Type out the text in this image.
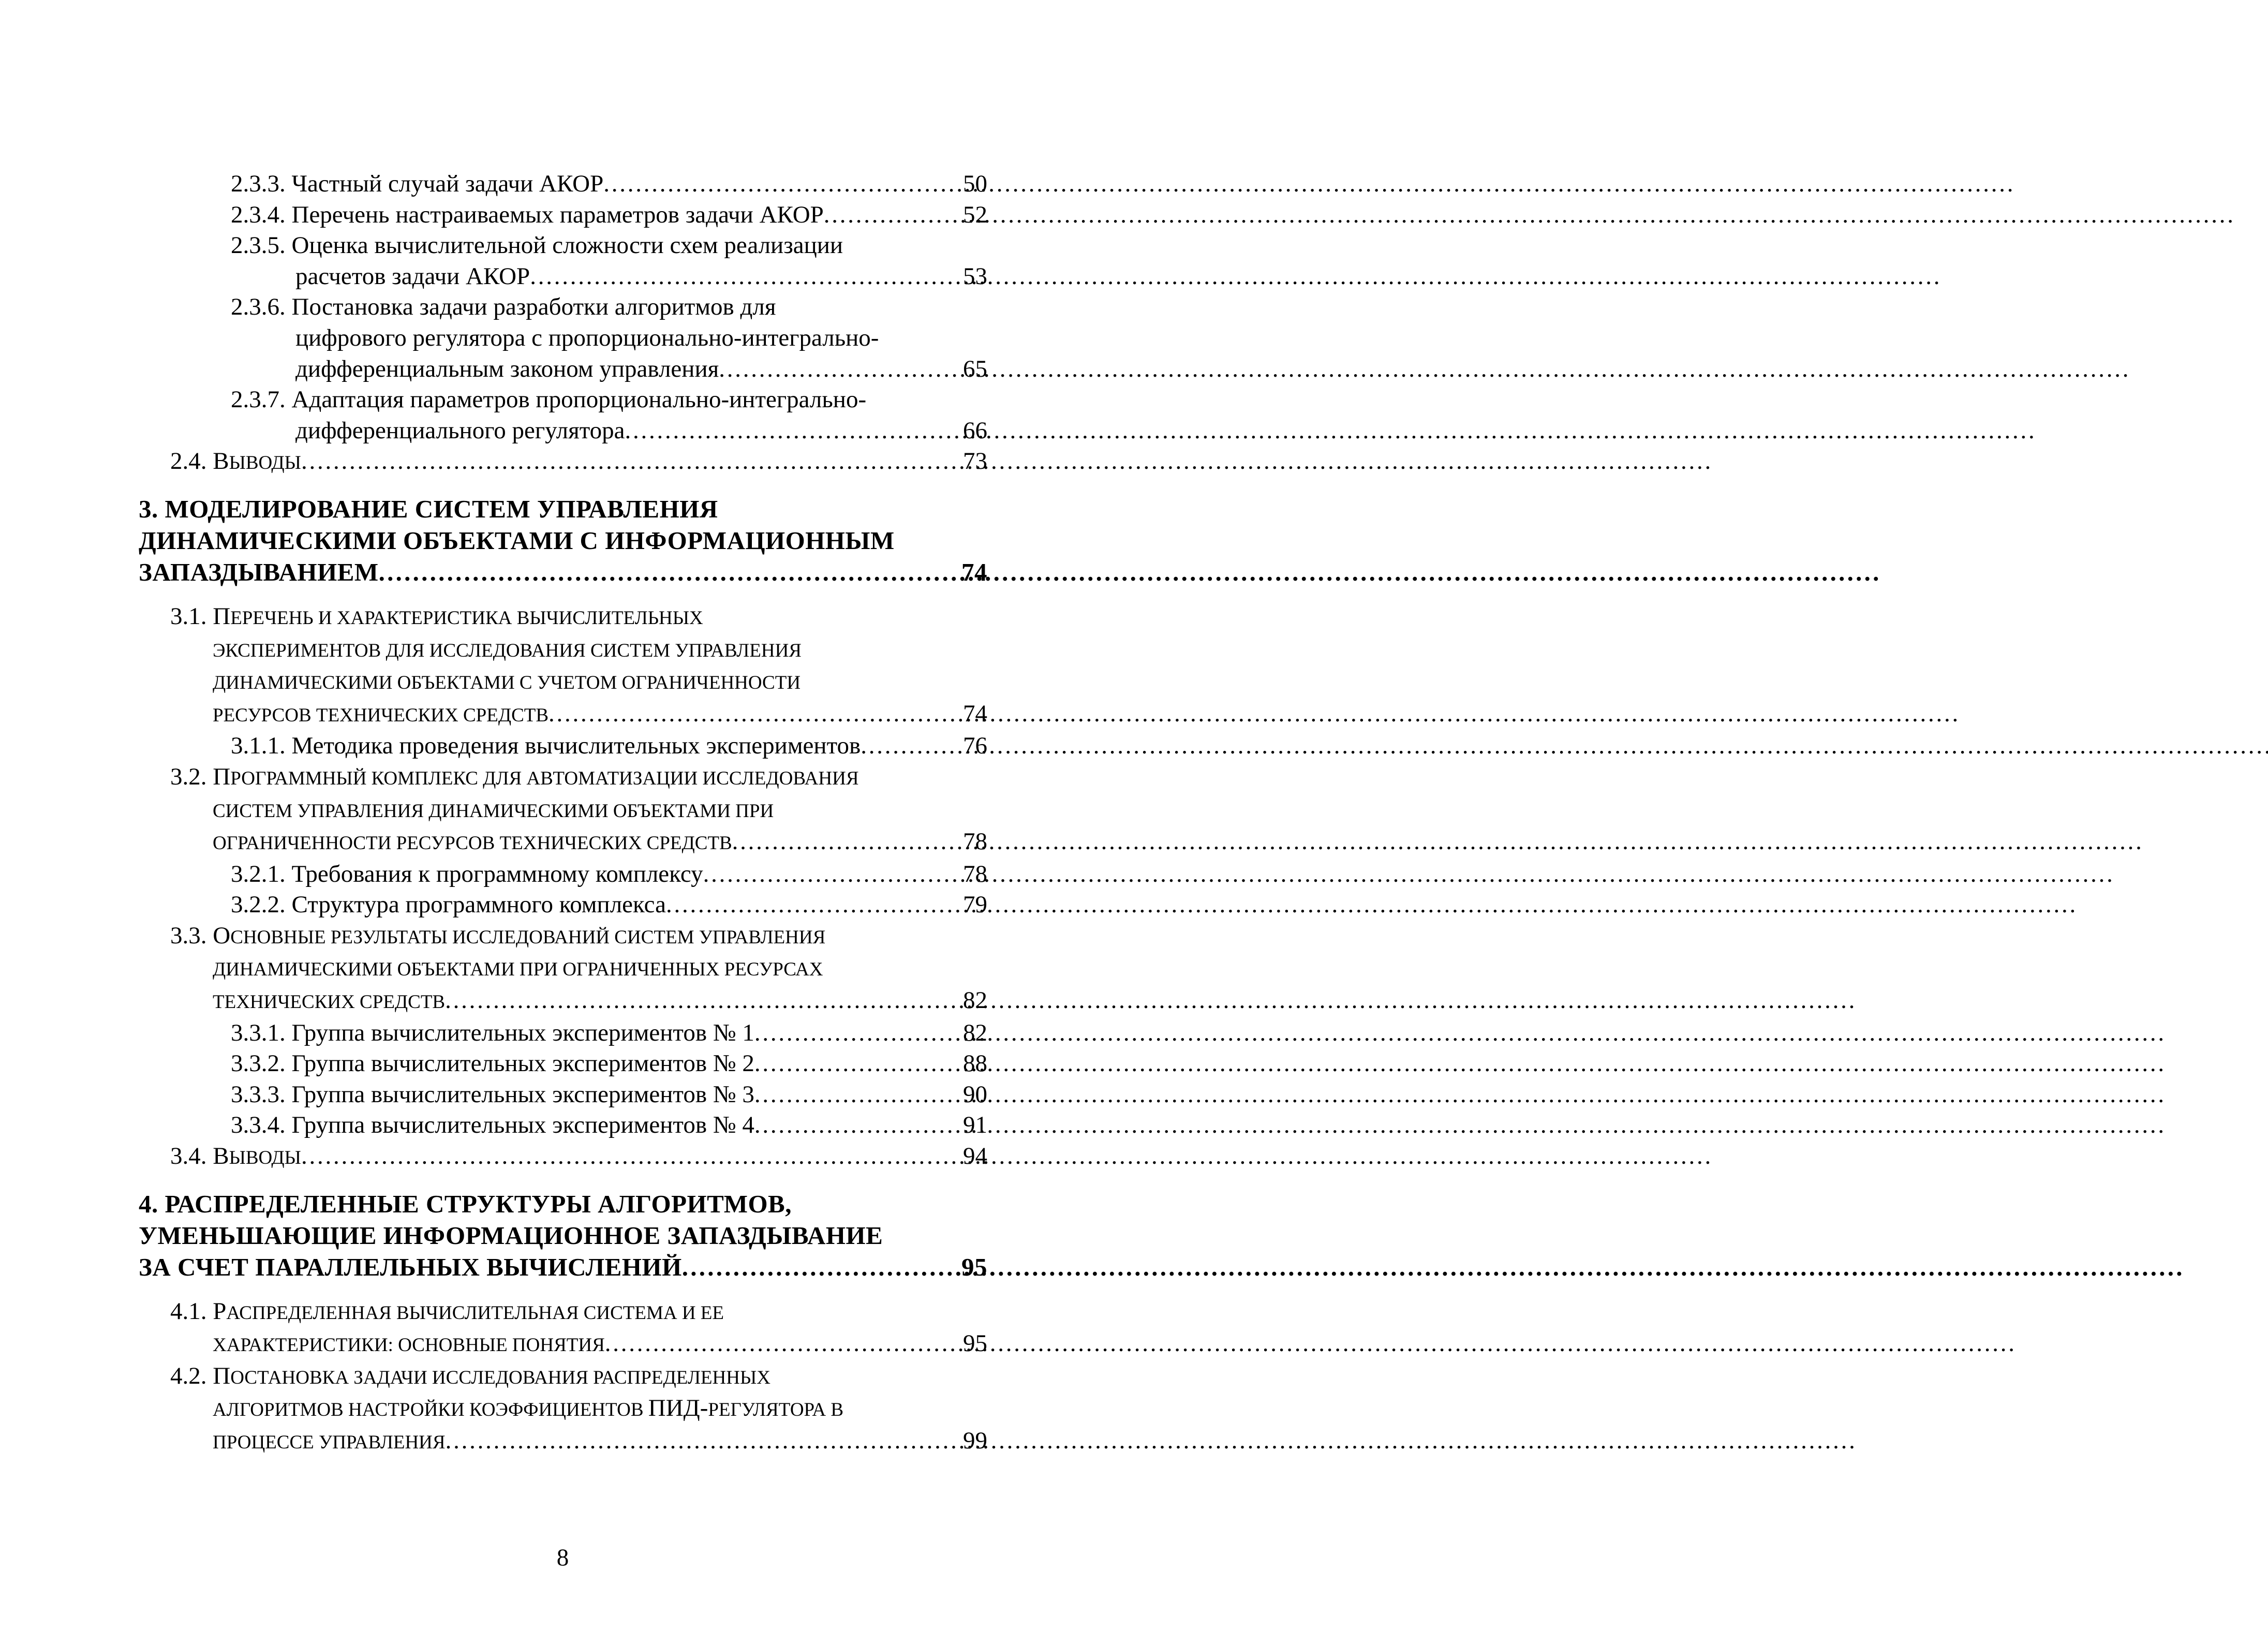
2.3.3. Частный случай задачи АКОР . . .	50
2.3.4. Перечень настраиваемых параметров задачи АКОР . . .	52
2.3.5. Оценка вычислительной сложности схем реализации
расчетов задачи АКОР . . .	53
2.3.6. Постановка задачи разработки алгоритмов для
цифрового регулятора с пропорционально-интегрально-
дифференциальным законом управления . . .	65
2.3.7. Адаптация параметров пропорционально-интегрально-
дифференциального регулятора . . .	66
2.4. ВЫВОДЫ . . .	73
3. МОДЕЛИРОВАНИЕ СИСТЕМ УПРАВЛЕНИЯ
ДИНАМИЧЕСКИМИ ОБЪЕКТАМИ С ИНФОРМАЦИОННЫМ
ЗАПАЗДЫВАНИЕМ . . .	74
3.1. ПЕРЕЧЕНЬ И ХАРАКТЕРИСТИКА ВЫЧИСЛИТЕЛЬНЫХ
ЭКСПЕРИМЕНТОВ ДЛЯ ИССЛЕДОВАНИЯ СИСТЕМ УПРАВЛЕНИЯ
ДИНАМИЧЕСКИМИ ОБЪЕКТАМИ С УЧЕТОМ ОГРАНИЧЕННОСТИ
РЕСУРСОВ ТЕХНИЧЕСКИХ СРЕДСТВ . . .	74
3.1.1. Методика проведения вычислительных экспериментов . . .	76
3.2. ПРОГРАММНЫЙ КОМПЛЕКС ДЛЯ АВТОМАТИЗАЦИИ ИССЛЕДОВАНИЯ
СИСТЕМ УПРАВЛЕНИЯ ДИНАМИЧЕСКИМИ ОБЪЕКТАМИ ПРИ
ОГРАНИЧЕННОСТИ РЕСУРСОВ ТЕХНИЧЕСКИХ СРЕДСТВ . . .	78
3.2.1. Требования к программному комплексу . . .	78
3.2.2. Структура программного комплекса . . .	79
3.3. ОСНОВНЫЕ РЕЗУЛЬТАТЫ ИССЛЕДОВАНИЙ СИСТЕМ УПРАВЛЕНИЯ
ДИНАМИЧЕСКИМИ ОБЪЕКТАМИ ПРИ ОГРАНИЧЕННЫХ РЕСУРСАХ
ТЕХНИЧЕСКИХ СРЕДСТВ . . .	82
3.3.1. Группа вычислительных экспериментов № 1 . . .	82
3.3.2. Группа вычислительных экспериментов № 2 . . .	88
3.3.3. Группа вычислительных экспериментов № 3 . . .	90
3.3.4. Группа вычислительных экспериментов № 4 . . .	91
3.4. ВЫВОДЫ . . .	94
4. РАСПРЕДЕЛЕННЫЕ СТРУКТУРЫ АЛГОРИТМОВ,
УМЕНЬШАЮЩИЕ ИНФОРМАЦИОННОЕ ЗАПАЗДЫВАНИЕ
ЗА СЧЕТ ПАРАЛЛЕЛЬНЫХ ВЫЧИСЛЕНИЙ . . .	95
4.1. РАСПРЕДЕЛЕННАЯ ВЫЧИСЛИТЕЛЬНАЯ СИСТЕМА И ЕЕ
ХАРАКТЕРИСТИКИ: ОСНОВНЫЕ ПОНЯТИЯ . . .	95
4.2. ПОСТАНОВКА ЗАДАЧИ ИССЛЕДОВАНИЯ РАСПРЕДЕЛЕННЫХ
АЛГОРИТМОВ НАСТРОЙКИ КОЭФФИЦИЕНТОВ ПИД-РЕГУЛЯТОРА В
ПРОЦЕССЕ УПРАВЛЕНИЯ . . .	99
8
